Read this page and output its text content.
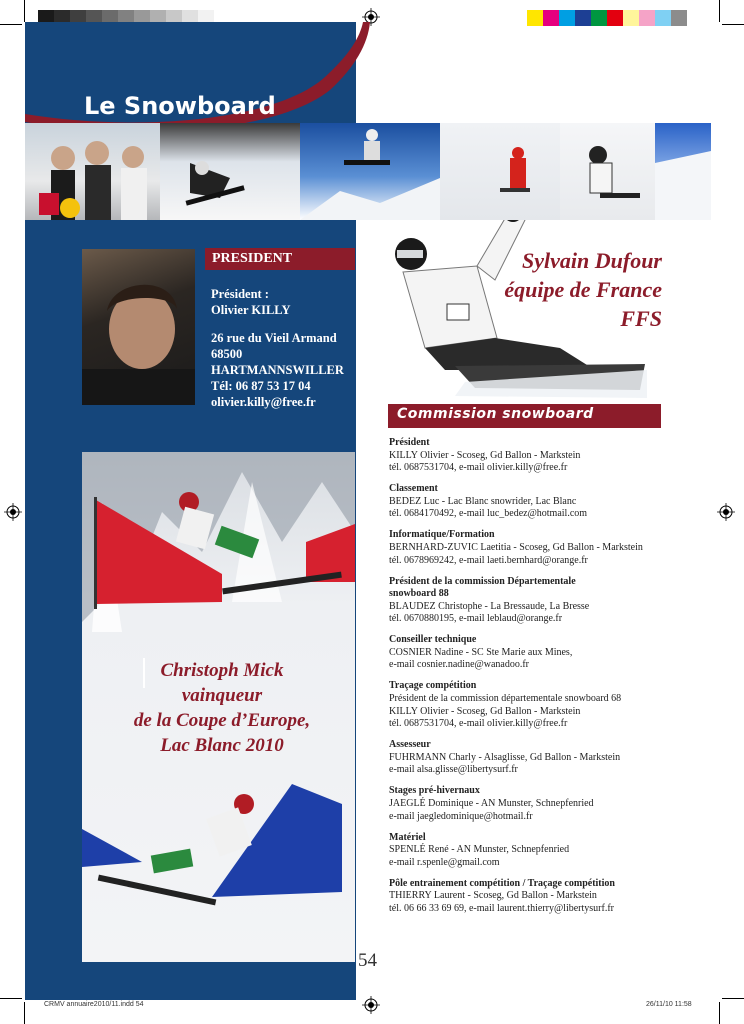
Le Snowboard
PRESIDENT
Président :
Olivier KILLY
26 rue du Vieil Armand
68500
HARTMANNSWILLER
Tél: 06 87 53 17 04
olivier.killy@free.fr
Christoph Mick
vainqueur
de la Coupe d’Europe,
Lac Blanc 2010
Sylvain Dufour
équipe de France
FFS
Commission snowboard
Président
KILLY Olivier - Scoseg, Gd Ballon - Markstein
tél. 0687531704, e-mail olivier.killy@free.fr
Classement
BEDEZ Luc - Lac Blanc snowrider, Lac Blanc
tél. 0684170492, e-mail luc_bedez@hotmail.com
Informatique/Formation
BERNHARD-ZUVIC Laetitia - Scoseg, Gd Ballon - Markstein
tél. 0678969242, e-mail laeti.bernhard@orange.fr
Président de la commission Départementale
snowboard 88
BLAUDEZ Christophe - La Bressaude, La Bresse
tél. 0670880195, e-mail leblaud@orange.fr
Conseiller technique
COSNIER Nadine - SC Ste Marie aux Mines,
e-mail cosnier.nadine@wanadoo.fr
Traçage compétition
Président de la commission départementale snowboard 68
KILLY Olivier - Scoseg, Gd Ballon - Markstein
tél. 0687531704, e-mail olivier.killy@free.fr
Assesseur
FUHRMANN Charly - Alsaglisse, Gd Ballon - Markstein
e-mail alsa.glisse@libertysurf.fr
Stages pré-hivernaux
JAEGLÉ Dominique - AN Munster, Schnepfenried
e-mail jaegledominique@hotmail.fr
Matériel
SPENLÉ René - AN Munster, Schnepfenried
e-mail r.spenle@gmail.com
Pôle entrainement compétition / Traçage compétition
THIERRY Laurent - Scoseg, Gd Ballon - Markstein
tél. 06 66 33 69 69, e-mail laurent.thierry@libertysurf.fr
54
CRMV annuaire2010/11.indd 54	26/11/10 11:58
